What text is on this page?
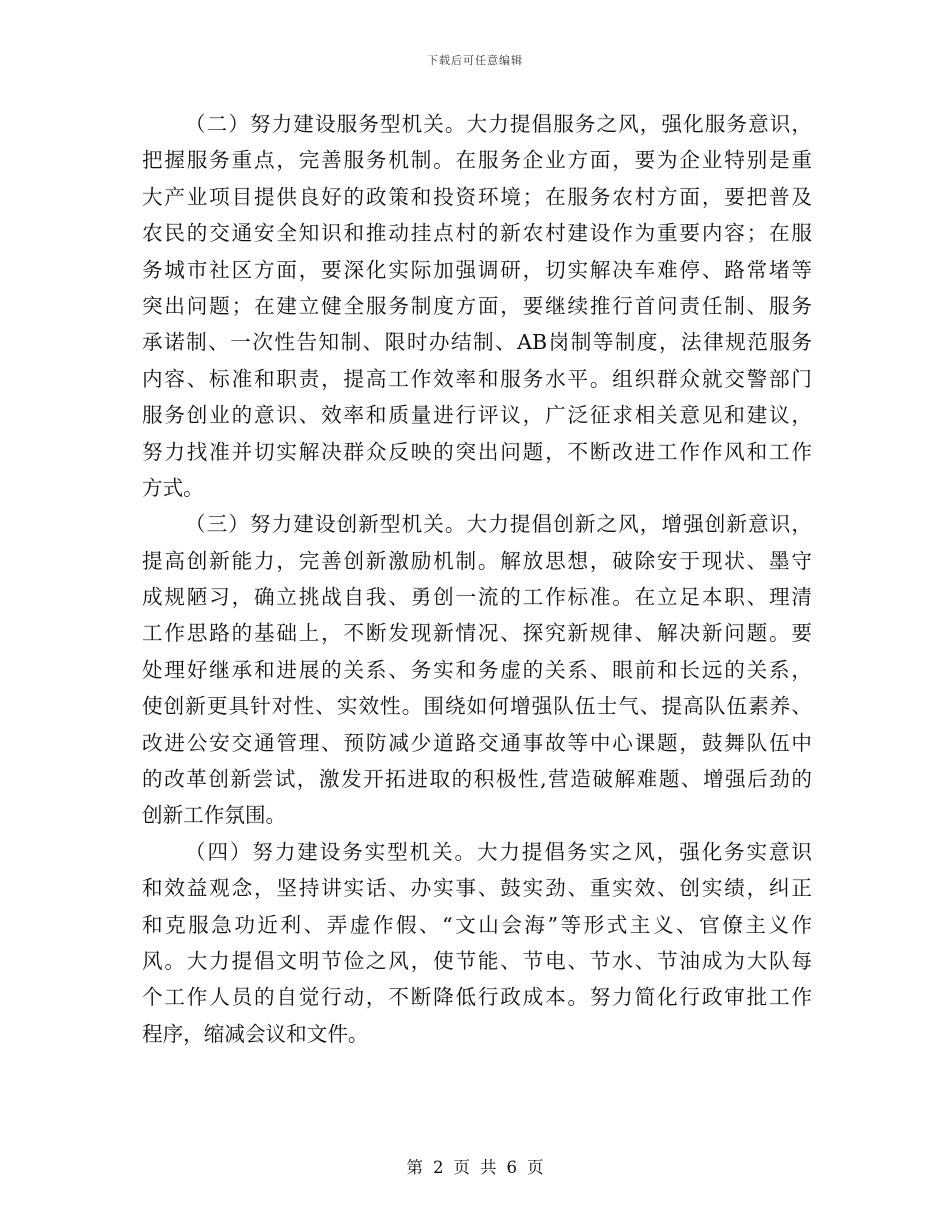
下载后可任意编辑
（二）努力建设服务型机关。大力提倡服务之风，强化服务意识，
把握服务重点，完善服务机制。在服务企业方面，要为企业特别是重
大产业项目提供良好的政策和投资环境；在服务农村方面，要把普及
农民的交通安全知识和推动挂点村的新农村建设作为重要内容；在服
务城市社区方面，要深化实际加强调研，切实解决车难停、路常堵等
突出问题；在建立健全服务制度方面，要继续推行首问责任制、服务
承诺制、一次性告知制、限时办结制、AB岗制等制度，法律规范服务
内容、标准和职责，提高工作效率和服务水平。组织群众就交警部门
服务创业的意识、效率和质量进行评议，广泛征求相关意见和建议，
努力找准并切实解决群众反映的突出问题，不断改进工作作风和工作
方式。
（三）努力建设创新型机关。大力提倡创新之风，增强创新意识，
提高创新能力，完善创新激励机制。解放思想，破除安于现状、墨守
成规陋习，确立挑战自我、勇创一流的工作标准。在立足本职、理清
工作思路的基础上，不断发现新情况、探究新规律、解决新问题。要
处理好继承和进展的关系、务实和务虚的关系、眼前和长远的关系，
使创新更具针对性、实效性。围绕如何增强队伍士气、提高队伍素养、
改进公安交通管理、预防减少道路交通事故等中心课题，鼓舞队伍中
的改革创新尝试，激发开拓进取的积极性,营造破解难题、增强后劲的
创新工作氛围。
（四）努力建设务实型机关。大力提倡务实之风，强化务实意识
和效益观念，坚持讲实话、办实事、鼓实劲、重实效、创实绩，纠正
和克服急功近利、弄虚作假、“文山会海”等形式主义、官僚主义作
风。大力提倡文明节俭之风，使节能、节电、节水、节油成为大队每
个工作人员的自觉行动，不断降低行政成本。努力简化行政审批工作
程序，缩减会议和文件。
第 2 页 共 6 页
